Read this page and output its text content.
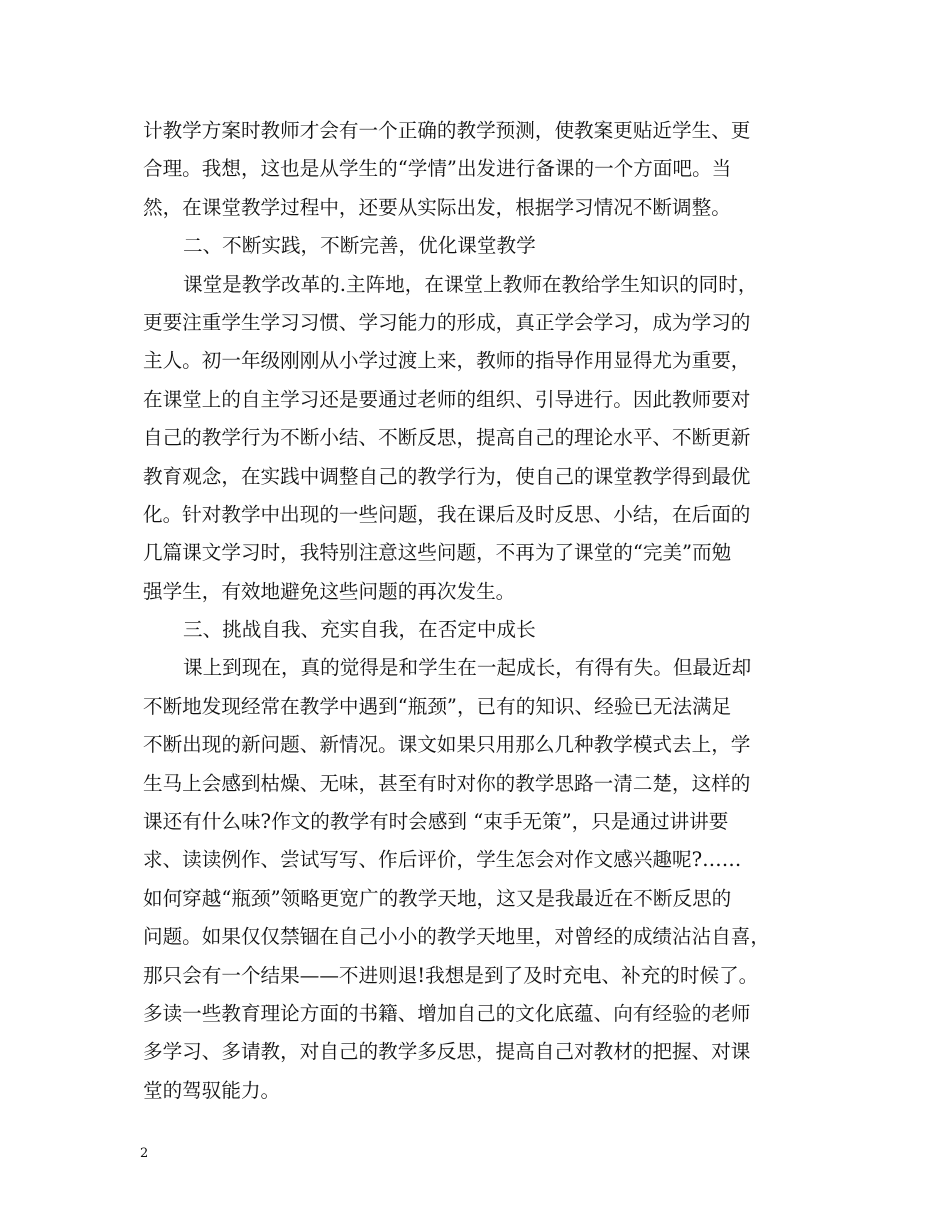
计教学方案时教师才会有一个正确的教学预测，使教案更贴近学生、更
合理。我想，这也是从学生的“学情”出发进行备课的一个方面吧。当
然，在课堂教学过程中，还要从实际出发，根据学习情况不断调整。
二、不断实践，不断完善，优化课堂教学
课堂是教学改革的.主阵地，在课堂上教师在教给学生知识的同时，
更要注重学生学习习惯、学习能力的形成，真正学会学习，成为学习的
主人。初一年级刚刚从小学过渡上来，教师的指导作用显得尤为重要，
在课堂上的自主学习还是要通过老师的组织、引导进行。因此教师要对
自己的教学行为不断小结、不断反思，提高自己的理论水平、不断更新
教育观念，在实践中调整自己的教学行为，使自己的课堂教学得到最优
化。针对教学中出现的一些问题，我在课后及时反思、小结，在后面的
几篇课文学习时，我特别注意这些问题，不再为了课堂的“完美”而勉
强学生，有效地避免这些问题的再次发生。
三、挑战自我、充实自我，在否定中成长
课上到现在，真的觉得是和学生在一起成长，有得有失。但最近却
不断地发现经常在教学中遇到“瓶颈”，已有的知识、经验已无法满足
不断出现的新问题、新情况。课文如果只用那么几种教学模式去上，学
生马上会感到枯燥、无味，甚至有时对你的教学思路一清二楚，这样的
课还有什么味?作文的教学有时会感到 “束手无策”，只是通过讲讲要
求、读读例作、尝试写写、作后评价，学生怎会对作文感兴趣呢?……
如何穿越“瓶颈”领略更宽广的教学天地，这又是我最近在不断反思的
问题。如果仅仅禁锢在自己小小的教学天地里，对曾经的成绩沾沾自喜，
那只会有一个结果——不进则退!我想是到了及时充电、补充的时候了。
多读一些教育理论方面的书籍、增加自己的文化底蕴、向有经验的老师
多学习、多请教，对自己的教学多反思，提高自己对教材的把握、对课
堂的驾驭能力。
2
